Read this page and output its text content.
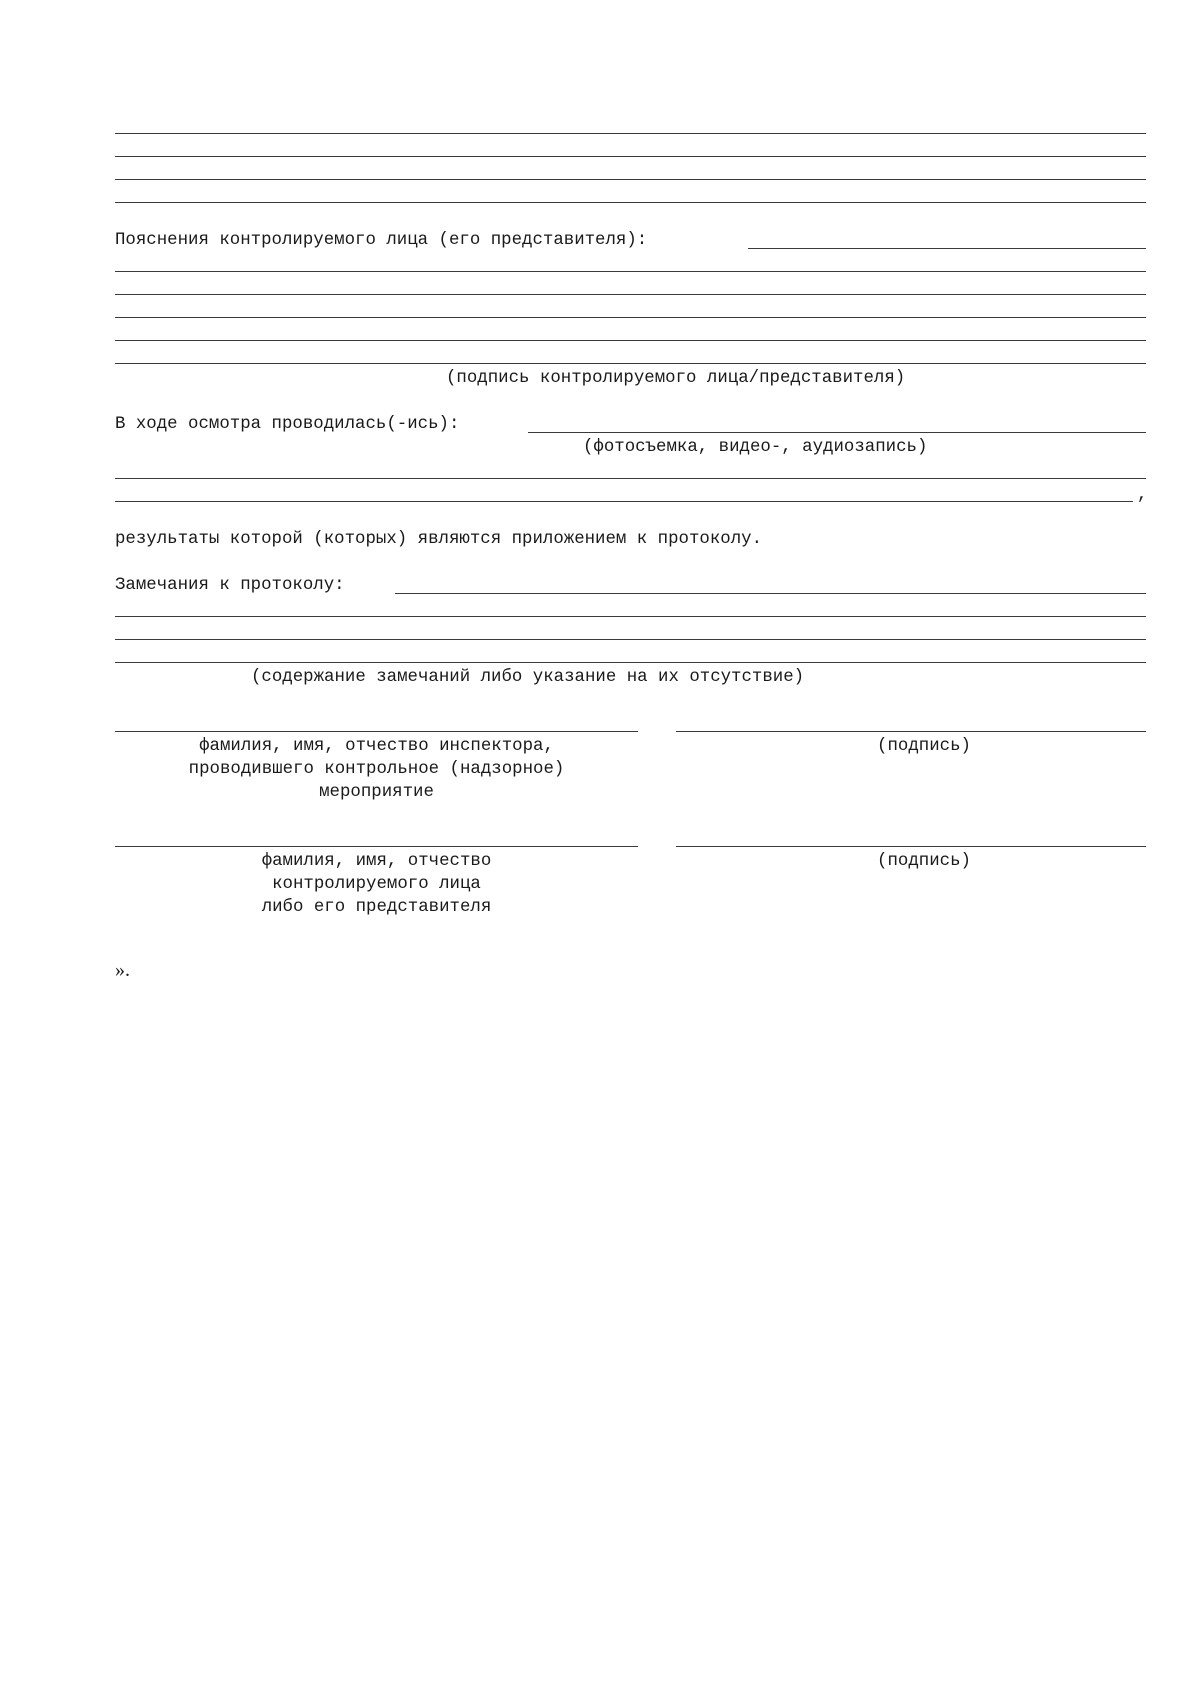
Пояснения контролируемого лица (его представителя):
(подпись контролируемого лица/представителя)
В ходе осмотра проводилась(-ись):
(фотосъемка, видео-, аудиозапись)
,
результаты которой (которых) являются приложением к протоколу.
Замечания к протоколу:
(содержание замечаний либо указание на их отсутствие)
фамилия, имя, отчество инспектора,
проводившего контрольное (надзорное)
мероприятие
(подпись)
фамилия, имя, отчество
контролируемого лица
либо его представителя
(подпись)
».
